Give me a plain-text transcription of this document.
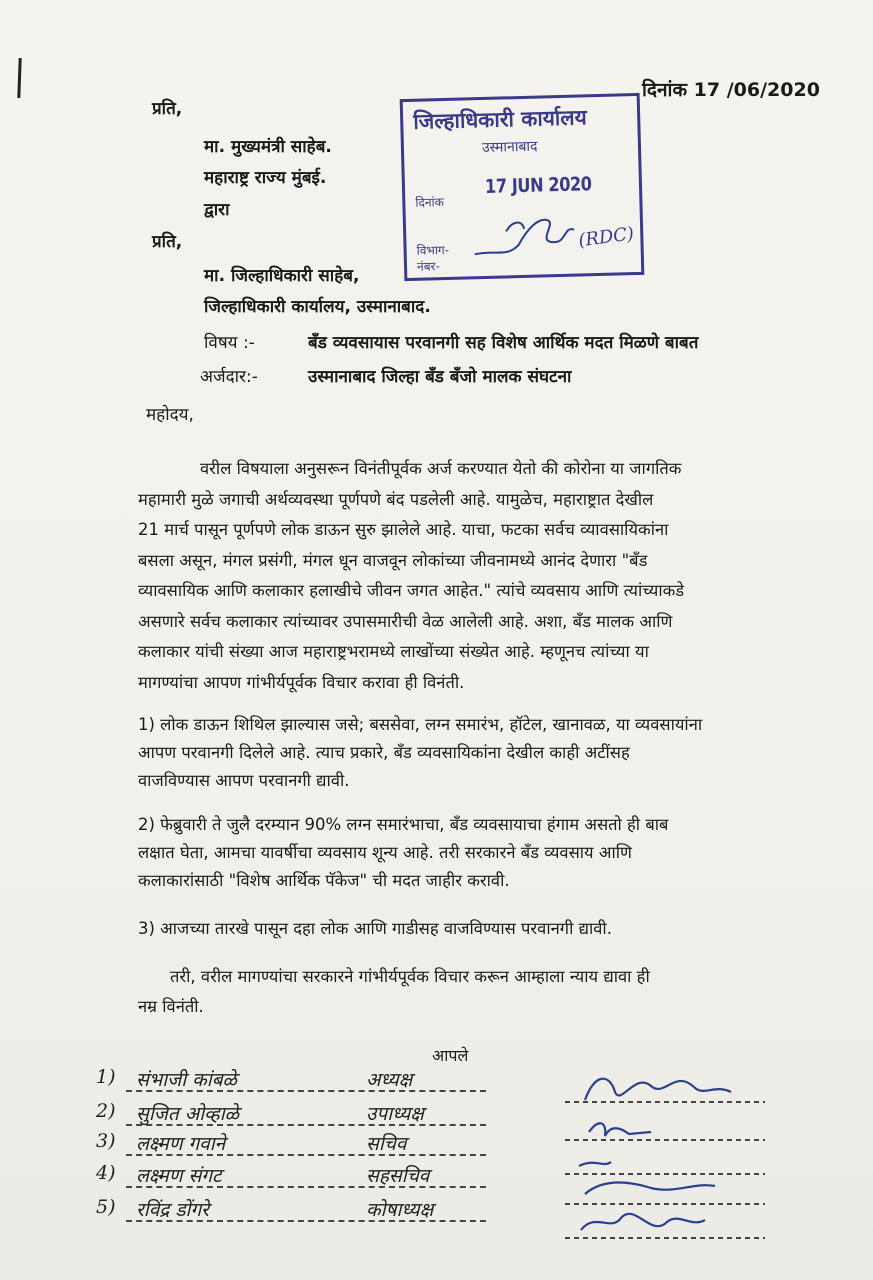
दिनांक 17 /06/2020
प्रति,
मा. मुख्यमंत्री साहेब.
महाराष्ट्र राज्य मुंबई.
द्वारा
प्रति,
मा. जिल्हाधिकारी साहेब,
जिल्हाधिकारी कार्यालय, उस्मानाबाद.
जिल्हाधिकारी कार्यालय
उस्मानाबाद
दिनांक
17 JUN 2020
विभाग-
नंबर-
(RDC)
विषय :-	बँड व्यवसायास परवानगी सह विशेष आर्थिक मदत मिळणे बाबत
अर्जदार:-	उस्मानाबाद जिल्हा बँड बँजो मालक संघटना
महोदय,
वरील विषयाला अनुसरून विनंतीपूर्वक अर्ज करण्यात येतो की कोरोना या जागतिक
महामारी मुळे जगाची अर्थव्यवस्था पूर्णपणे बंद पडलेली आहे. यामुळेच, महाराष्ट्रात देखील
21 मार्च पासून पूर्णपणे लोक डाऊन सुरु झालेले आहे. याचा, फटका सर्वच व्यावसायिकांना
बसला असून, मंगल प्रसंगी, मंगल धून वाजवून लोकांच्या जीवनामध्ये आनंद देणारा "बँड
व्यावसायिक आणि कलाकार हलाखीचे जीवन जगत आहेत." त्यांचे व्यवसाय आणि त्यांच्याकडे
असणारे सर्वच कलाकार त्यांच्यावर उपासमारीची वेळ आलेली आहे. अशा, बँड मालक आणि
कलाकार यांची संख्या आज महाराष्ट्रभरामध्ये लाखोंच्या संख्येत आहे. म्हणूनच त्यांच्या या
मागण्यांचा आपण गांभीर्यपूर्वक विचार करावा ही विनंती.
1) लोक डाऊन शिथिल झाल्यास जसे; बससेवा, लग्न समारंभ, हॉटेल, खानावळ, या व्यवसायांना
आपण परवानगी दिलेले आहे. त्याच प्रकारे, बँड व्यवसायिकांना देखील काही अटींसह
वाजविण्यास आपण परवानगी द्यावी.
2) फेब्रुवारी ते जुलै दरम्यान 90% लग्न समारंभाचा, बँड व्यवसायाचा हंगाम असतो ही बाब
लक्षात घेता, आमचा यावर्षीचा व्यवसाय शून्य आहे. तरी सरकारने बँड व्यवसाय आणि
कलाकारांसाठी "विशेष आर्थिक पॅकेज" ची मदत जाहीर करावी.
3) आजच्या तारखे पासून दहा लोक आणि गाडीसह वाजविण्यास परवानगी द्यावी.
तरी, वरील मागण्यांचा सरकारने गांभीर्यपूर्वक विचार करून आम्हाला न्याय द्यावा ही
नम्र विनंती.
आपले
1) संभाजी कांबळे	अध्यक्ष
2) सुजित ओव्हाळे	उपाध्यक्ष
3) लक्ष्मण गवाने	सचिव
4) लक्ष्मण संगट	सहसचिव
5) रविंद्र डोंगरे	कोषाध्यक्ष
